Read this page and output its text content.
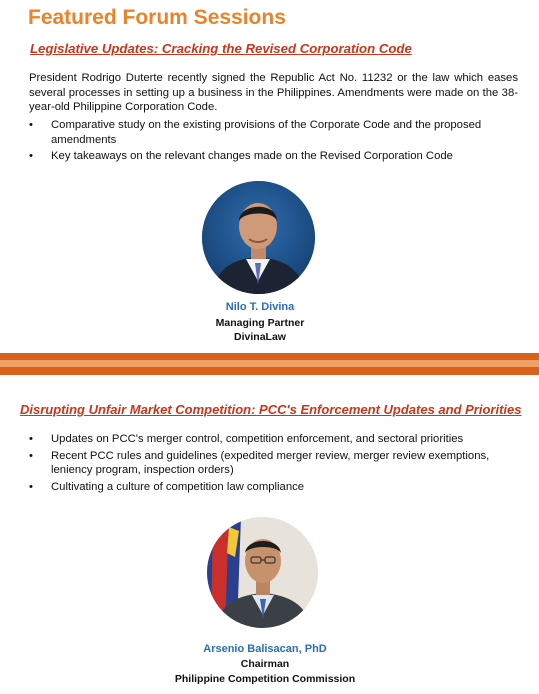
Featured Forum Sessions
Legislative Updates: Cracking the Revised Corporation Code
President Rodrigo Duterte recently signed the Republic Act No. 11232 or the law which eases several processes in setting up a business in the Philippines. Amendments were made on the 38-year-old Philippine Corporation Code.
• Comparative study on the existing provisions of the Corporate Code and the proposed amendments
• Key takeaways on the relevant changes made on the Revised Corporation Code
Nilo T. Divina
Managing Partner
DivinaLaw
Disrupting Unfair Market Competition: PCC's Enforcement Updates and Priorities
• Updates on PCC's merger control, competition enforcement, and sectoral priorities
• Recent PCC rules and guidelines (expedited merger review, merger review exemptions, leniency program, inspection orders)
• Cultivating a culture of competition law compliance
Arsenio Balisacan, PhD
Chairman
Philippine Competition Commission
